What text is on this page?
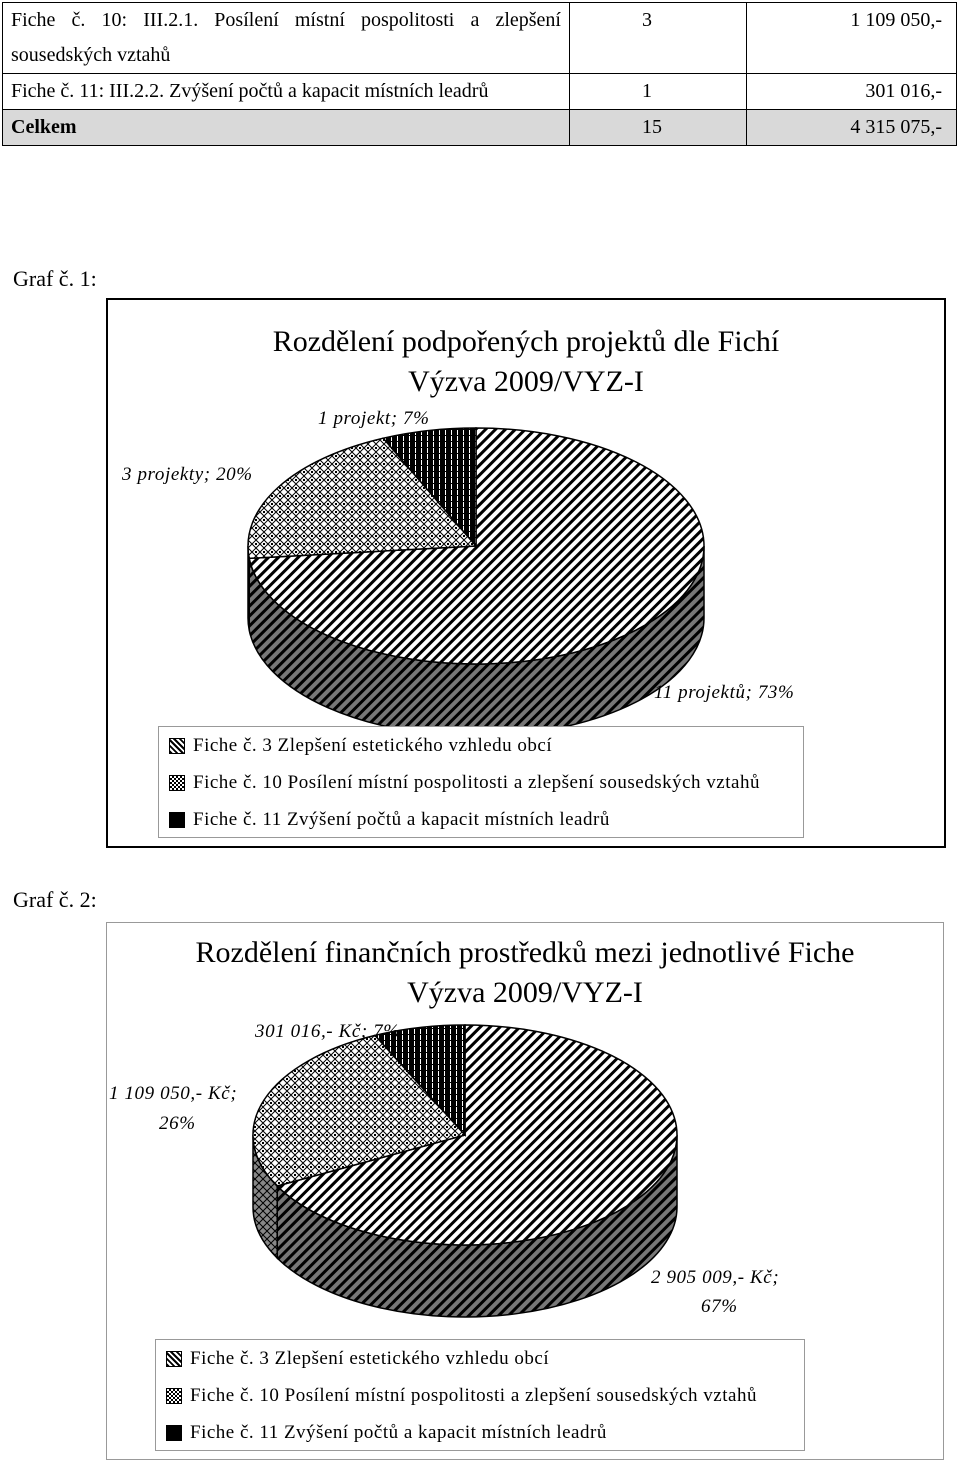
Fiche č. 10: III.2.1. Posílení místní pospolitosti a zlepšení sousedských vztahů	3	1 109 050,-
Fiche č. 11: III.2.2. Zvýšení počtů a kapacit místních leadrů	1	301 016,-
Celkem	15	4 315 075,-
Graf č. 1:
Rozdělení podpořených projektů dle Fichí
Výzva 2009/VYZ-I
11 projektů; 73%
3 projekty; 20%
1 projekt; 7%
Fiche č. 3 Zlepšení estetického vzhledu obcí
Fiche č. 10 Posílení místní pospolitosti a zlepšení sousedských vztahů
Fiche č. 11 Zvýšení počtů a kapacit místních leadrů
Graf č. 2:
Rozdělení finančních prostředků mezi jednotlivé Fiche
Výzva 2009/VYZ-I
2 905 009,- Kč;
67%
1 109 050,- Kč;
26%
301 016,- Kč; 7%
Fiche č. 3 Zlepšení estetického vzhledu obcí
Fiche č. 10 Posílení místní pospolitosti a zlepšení sousedských vztahů
Fiche č. 11 Zvýšení počtů a kapacit místních leadrů
